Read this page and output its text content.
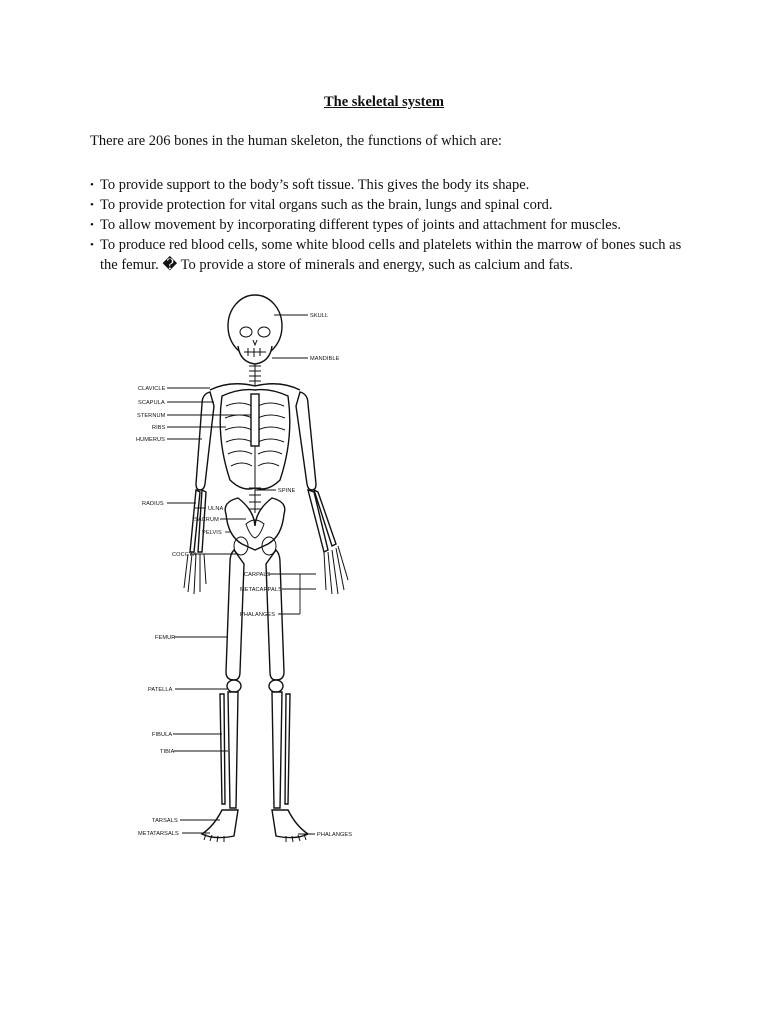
The skeletal system

There are 206 bones in the human skeleton, the functions of which are:

• To provide support to the body’s soft tissue. This gives the body its shape.
• To provide protection for vital organs such as the brain, lungs and spinal cord.
• To allow movement by incorporating different types of joints and attachment for muscles.
• To produce red blood cells, some white blood cells and platelets within the marrow of bones such as the femur. � To provide a store of minerals and energy, such as calcium and fats.
SKULL
MANDIBLE
CLAVICLE
SCAPULA
STERNUM
RIBS
HUMERUS
SPINE
RADIUS
ULNA
SACRUM
PELVIS
COCCYX
CARPALS
METACARPALS
PHALANGES
FEMUR
PATELLA
FIBULA
TIBIA
TARSALS
METATARSALS	PHALANGES
